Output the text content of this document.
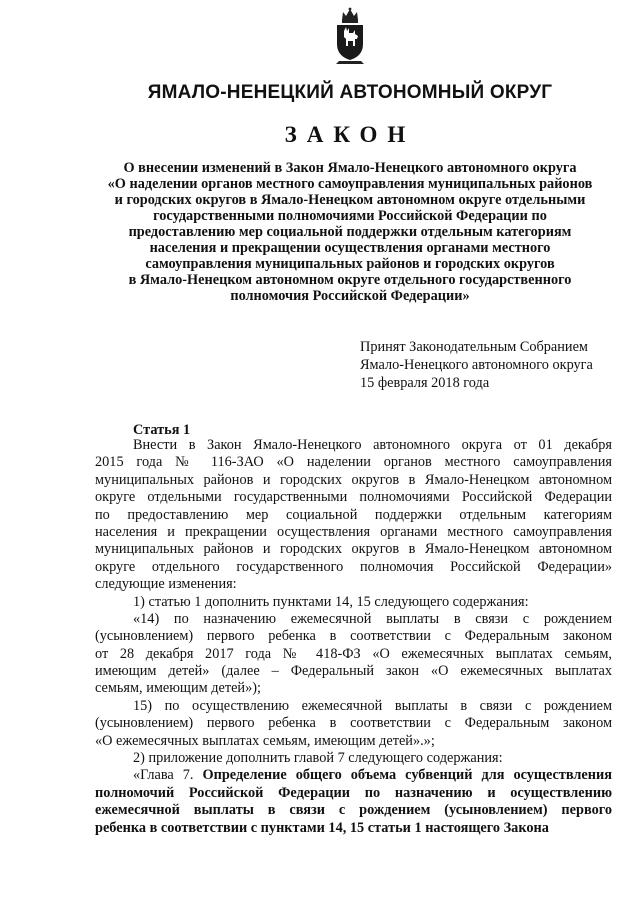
ЯМАЛО-НЕНЕЦКИЙ АВТОНОМНЫЙ ОКРУГ
ЗАКОН
О внесении изменений в Закон Ямало-Ненецкого автономного округа
«О наделении органов местного самоуправления муниципальных районов
и городских округов в Ямало-Ненецком автономном округе отдельными
государственными полномочиями Российской Федерации по
предоставлению мер социальной поддержки отдельным категориям
населения и прекращении осуществления органами местного
самоуправления муниципальных районов и городских округов
в Ямало-Ненецком автономном округе отдельного государственного
полномочия Российской Федерации»
Принят Законодательным Собранием
Ямало-Ненецкого автономного округа
15 февраля 2018 года
Статья 1
Внести в Закон Ямало-Ненецкого автономного округа от 01 декабря
2015 года № 116-ЗАО «О наделении органов местного самоуправления
муниципальных районов и городских округов в Ямало-Ненецком автономном
округе отдельными государственными полномочиями Российской Федерации
по предоставлению мер социальной поддержки отдельным категориям
населения и прекращении осуществления органами местного самоуправления
муниципальных районов и городских округов в Ямало-Ненецком автономном
округе отдельного государственного полномочия Российской Федерации»
следующие изменения:
1) статью 1 дополнить пунктами 14, 15 следующего содержания:
«14) по назначению ежемесячной выплаты в связи с рождением
(усыновлением) первого ребенка в соответствии с Федеральным законом
от 28 декабря 2017 года № 418-ФЗ «О ежемесячных выплатах семьям,
имеющим детей» (далее – Федеральный закон «О ежемесячных выплатах
семьям, имеющим детей»);
15) по осуществлению ежемесячной выплаты в связи с рождением
(усыновлением) первого ребенка в соответствии с Федеральным законом
«О ежемесячных выплатах семьям, имеющим детей».»;
2) приложение дополнить главой 7 следующего содержания:
«Глава 7. Определение общего объема субвенций для осуществления
полномочий Российской Федерации по назначению и осуществлению
ежемесячной выплаты в связи с рождением (усыновлением) первого
ребенка в соответствии с пунктами 14, 15 статьи 1 настоящего Закона
